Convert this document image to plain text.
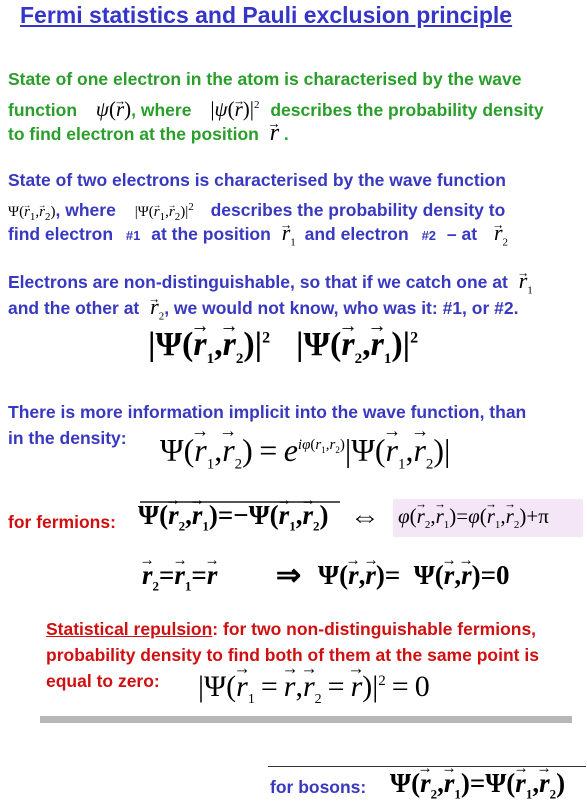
Fermi statistics and Pauli exclusion principle
State of one electron in the atom is characterised by the wave
function ψ(→ r), where $|\psi(\to r)|^2$ describes the probability density
to find electron at the position → r .
State of two electrons is characterised by the wave function
$\Psi(\to r_1,\to r_2)$, where $|\Psi(\to r_1,\to r_2)|^2$ describes the probability density to
find electron #1 at the position → $r_1$ and electron #2 – at → $r_2$
Electrons are non-distinguishable, so that if we catch one at → $r_1$
and the other at → $r_2$, we would not know, who was it: #1, or #2.
$|\Psi(\to r_1,\to r_2)|^2$ $|\Psi(\to r_2,\to r_1)|^2$
There is more information implicit into the wave function, than
in the density: $\Psi(\to r_1,\to r_2) = e^{i\varphi(r_1,r_2)}|\Psi(\to r_1,\to r_2)|$
for fermions: $\Psi(\to r_2,\to r_1)=-\Psi(\to r_1,\to r_2)$ ⇔ $\varphi(\to r_2,\to r_1)=\varphi(\to r_1,\to r_2)+\pi$
→ $r_2=\to r_1=\to r$ ⇒ Ψ(→ r,→ r)=  Ψ(→ r,→ r)=0
Statistical repulsion: for two non-distinguishable fermions,
probability density to find both of them at the same point is
equal to zero: $|\Psi(\to r_1$ = → $r,\to r_2$ = → $r)|^2 = 0$
for bosons: $\Psi(\to r_2,\to r_1)=\Psi(\to r_1,\to r_2)$
